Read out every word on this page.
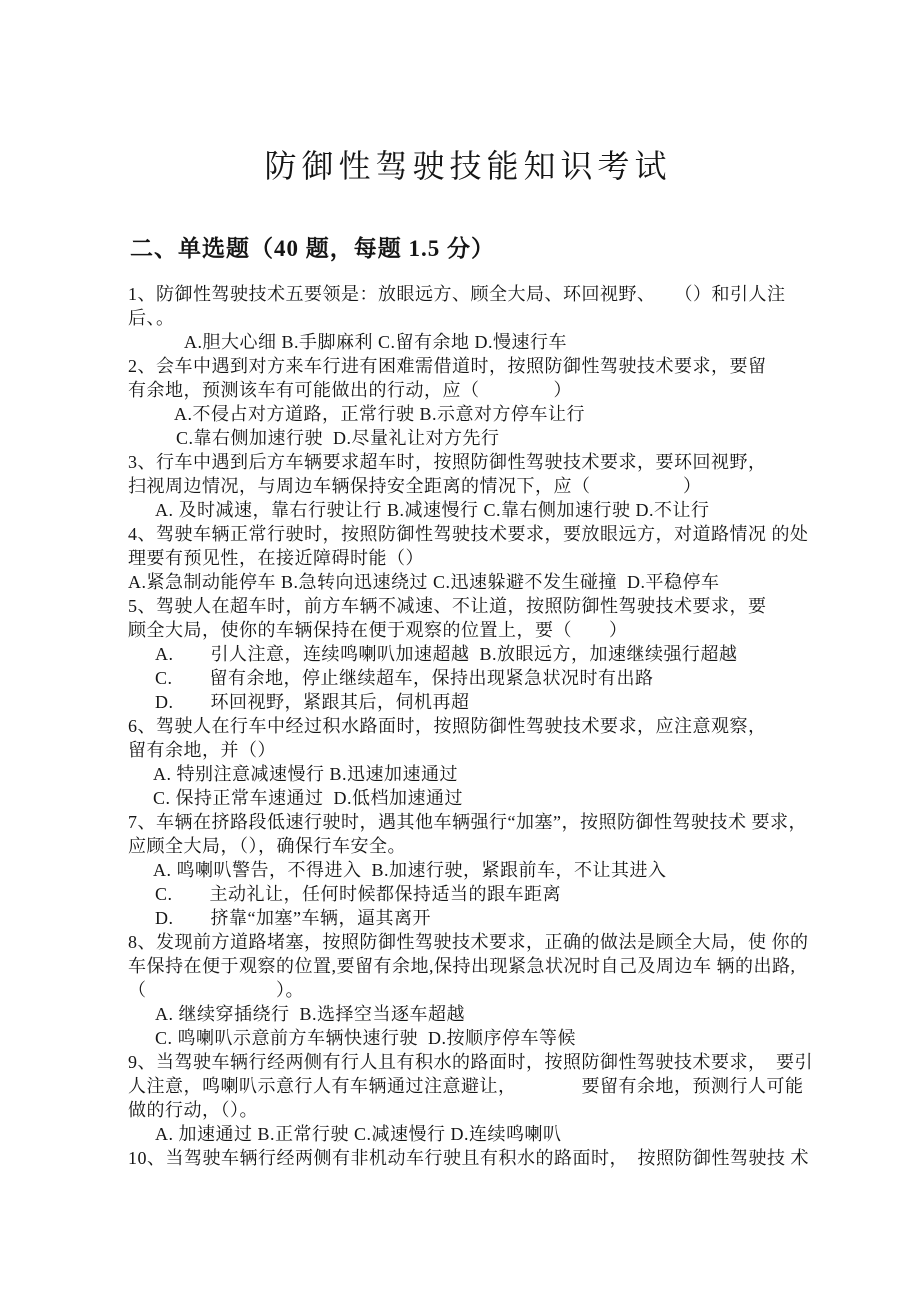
防御性驾驶技能知识考试
二、单选题（40 题，每题 1.5 分）
1、防御性驾驶技术五要领是：放眼远方、顾全大局、环回视野、　　（）和引人注
后、。
A.胆大心细 B.手脚麻利 C.留有余地 D.慢速行车
2、会车中遇到对方来车行进有困难需借道时，按照防御性驾驶技术要求，要留
有余地，预测该车有可能做出的行动，应（　　　　）
A.不侵占对方道路，正常行驶 B.示意对方停车让行
C.靠右侧加速行驶  D.尽量礼让对方先行
3、行车中遇到后方车辆要求超车时，按照防御性驾驶技术要求，要环回视野，
扫视周边情况，与周边车辆保持安全距离的情况下，应（　　　　　）
A. 及时减速，靠右行驶让行 B.减速慢行 C.靠右侧加速行驶 D.不让行
4、驾驶车辆正常行驶时，按照防御性驾驶技术要求，要放眼远方，对道路情况 的处
理要有预见性，在接近障碍时能（）
A.紧急制动能停车 B.急转向迅速绕过 C.迅速躲避不发生碰撞  D.平稳停车
5、驾驶人在超车时，前方车辆不减速、不让道，按照防御性驾驶技术要求，要
顾全大局，使你的车辆保持在便于观察的位置上，要（　　）
A.　　引人注意，连续鸣喇叭加速超越  B.放眼远方，加速继续强行超越
C.　　留有余地，停止继续超车，保持出现紧急状况时有出路
D.　　环回视野，紧跟其后，伺机再超
6、驾驶人在行车中经过积水路面时，按照防御性驾驶技术要求，应注意观察，
留有余地，并（）
A. 特别注意减速慢行 B.迅速加速通过
C. 保持正常车速通过  D.低档加速通过
7、车辆在挤路段低速行驶时，遇其他车辆强行“加塞”，按照防御性驾驶技术 要求，
应顾全大局，（），确保行车安全。
A. 鸣喇叭警告，不得进入  B.加速行驶，紧跟前车，不让其进入
C.　　主动礼让，任何时候都保持适当的跟车距离
D.　　挤靠“加塞”车辆，逼其离开
8、发现前方道路堵塞，按照防御性驾驶技术要求，正确的做法是顾全大局，使 你的
车保持在便于观察的位置,要留有余地,保持出现紧急状况时自己及周边车 辆的出路,
（　　　　　　　）。
A. 继续穿插绕行  B.选择空当逐车超越
C. 鸣喇叭示意前方车辆快速行驶  D.按顺序停车等候
9、当驾驶车辆行经两侧有行人且有积水的路面时，按照防御性驾驶技术要求，　要引
人注意，鸣喇叭示意行人有车辆通过注意避让，　　　　要留有余地，预测行人可能
做的行动，（）。
A. 加速通过 B.正常行驶 C.减速慢行 D.连续鸣喇叭
10、当驾驶车辆行经两侧有非机动车行驶且有积水的路面时，　按照防御性驾驶技 术
